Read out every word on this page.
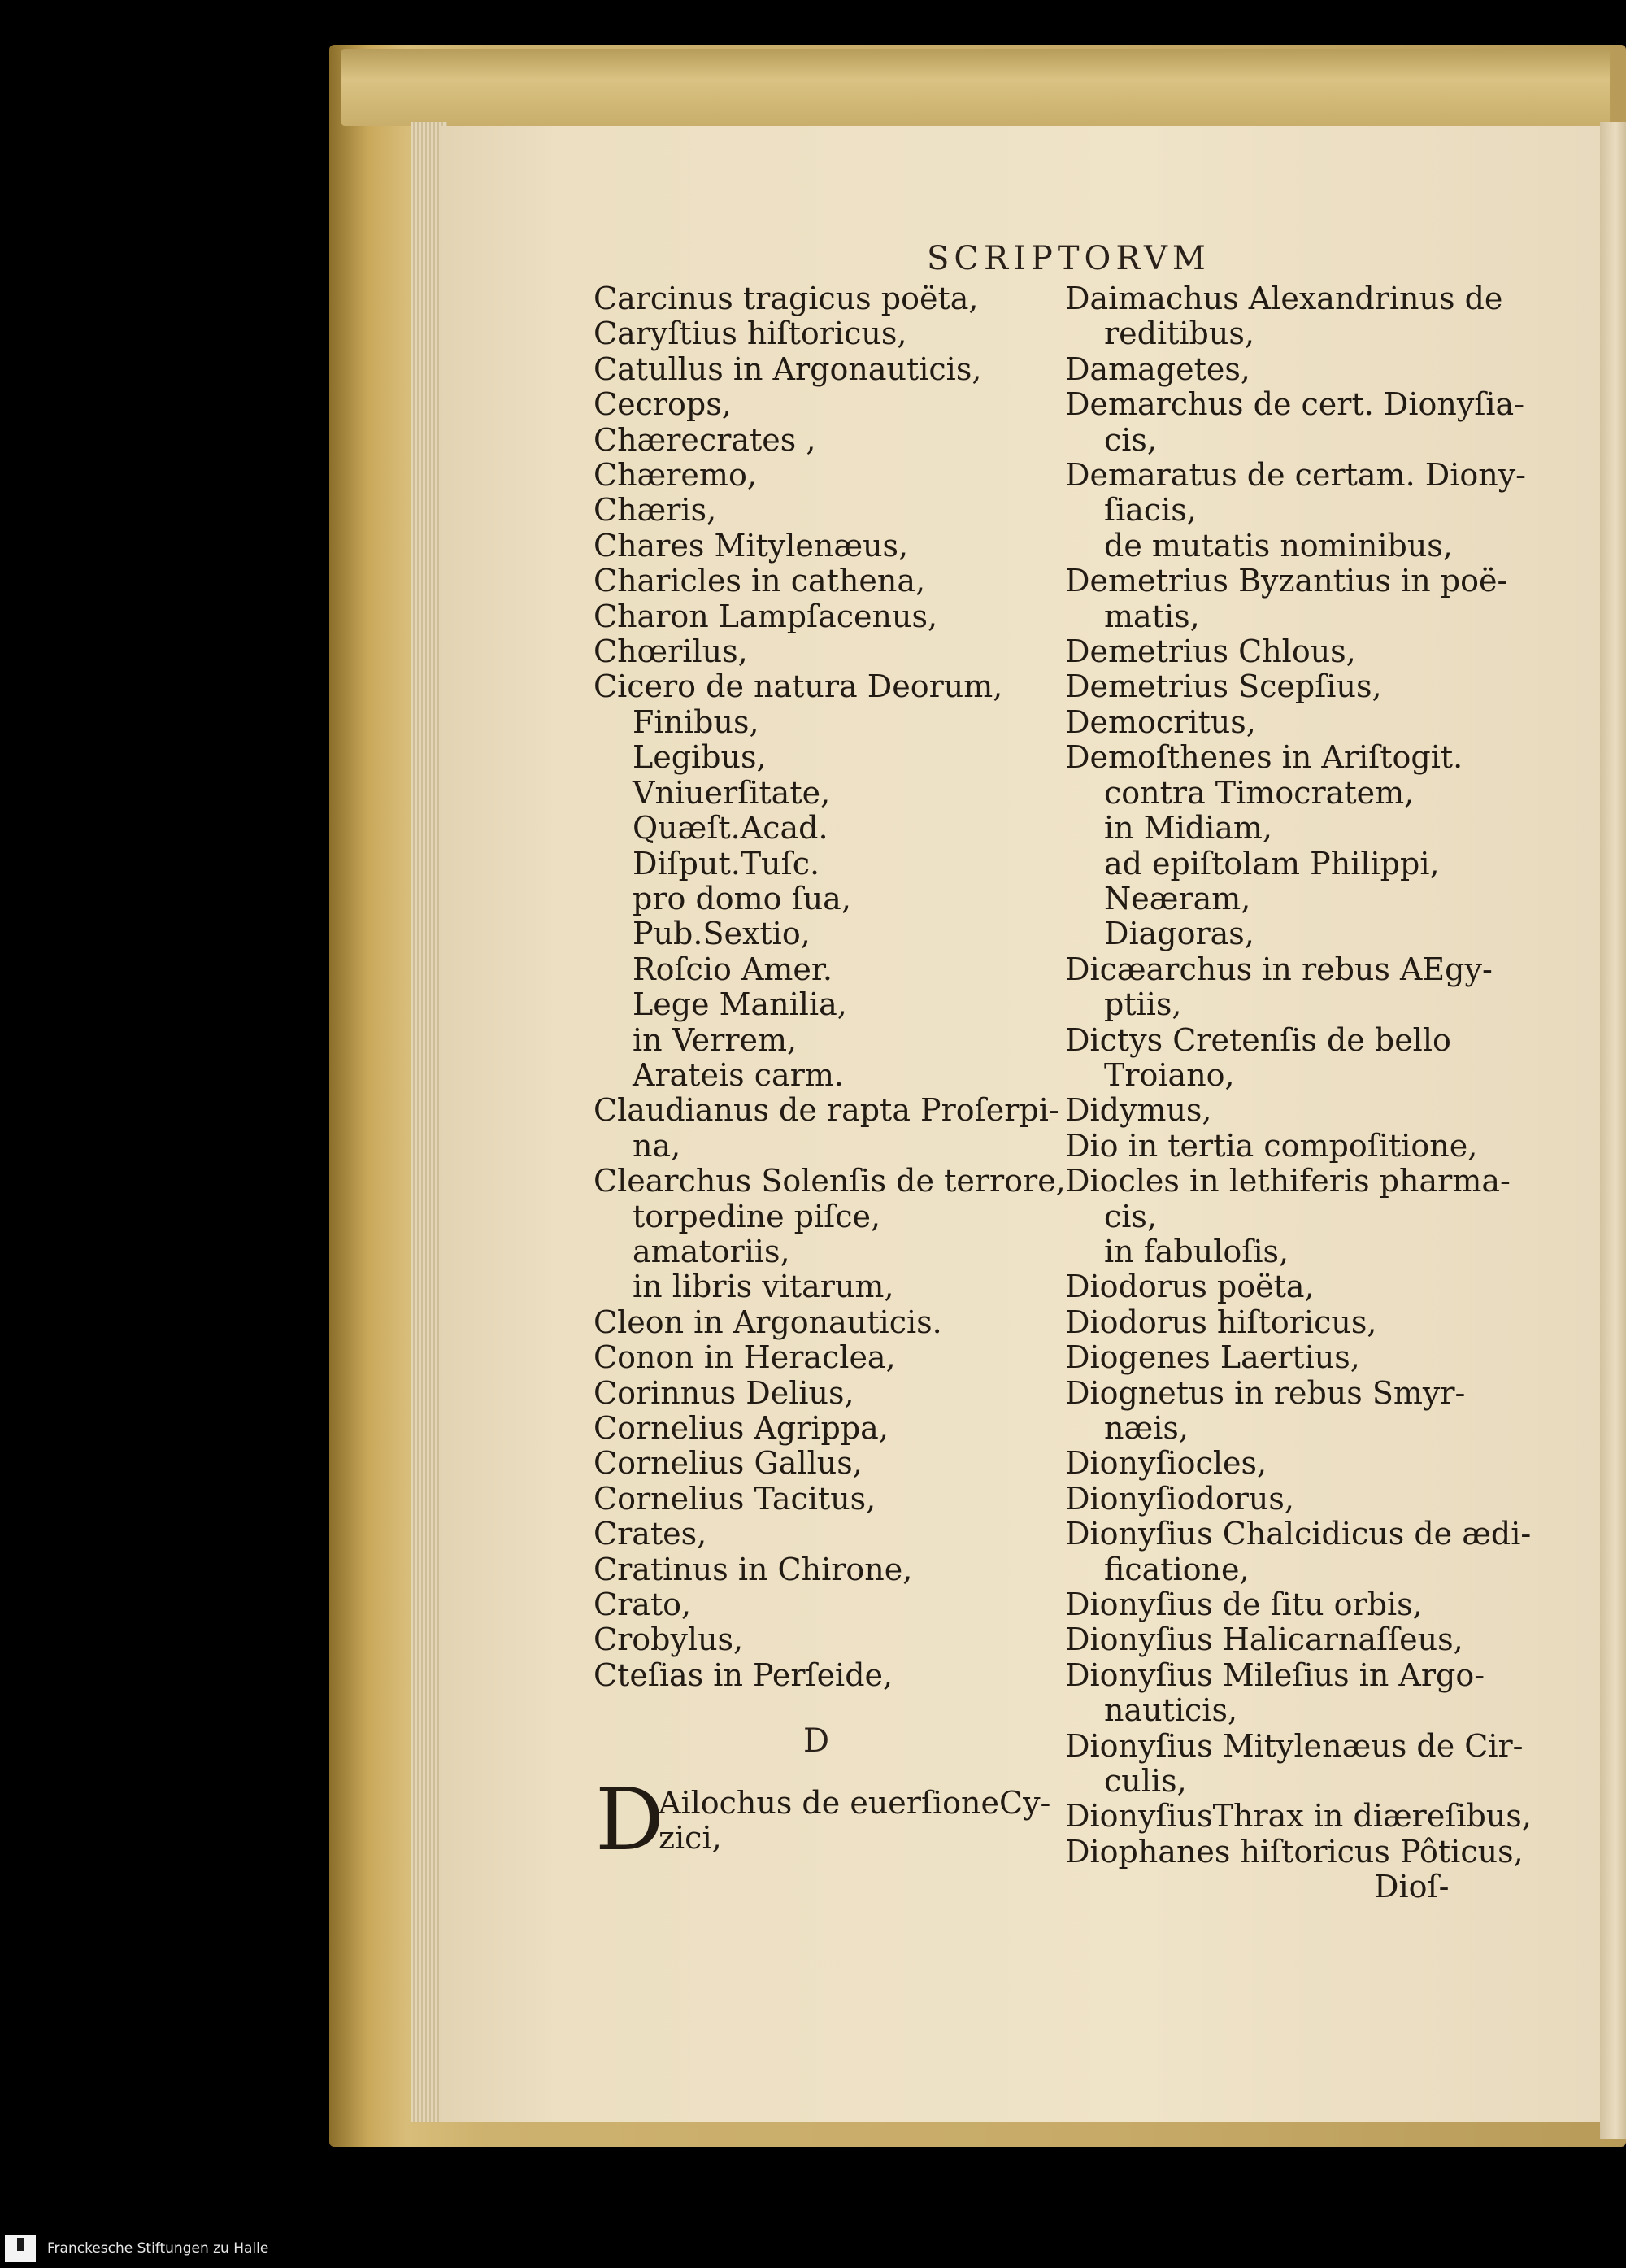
SCRIPTORVM
Carcinus tragicus poëta,
Caryſtius hiſtoricus,
Catullus in Argonauticis,
Cecrops,
Chærecrates ,
Chæremo,
Chæris,
Chares Mitylenæus,
Charicles in cathena,
Charon Lampſacenus,
Chœrilus,
Cicero de natura Deorum,
Finibus,
Legibus,
Vniuerſitate,
Quæſt.Acad.
Diſput.Tuſc.
pro domo ſua,
Pub.Sextio,
Roſcio Amer.
Lege Manilia,
in Verrem,
Arateis carm.
Claudianus de rapta Proſerpi-
na,
Clearchus Solenſis de terrore,
torpedine piſce,
amatoriis,
in libris vitarum,
Cleon in Argonauticis.
Conon in Heraclea,
Corinnus Delius,
Cornelius Agrippa,
Cornelius Gallus,
Cornelius Tacitus,
Crates,
Cratinus in Chirone,
Crato,
Crobylus,
Cteſias in Perſeide,
Daimachus Alexandrinus de
reditibus,
Damagetes,
Demarchus de cert. Dionyſia-
cis,
Demaratus de certam. Diony-
ſiacis,
de mutatis nominibus,
Demetrius Byzantius in poë-
matis,
Demetrius Chlous,
Demetrius Scepſius,
Democritus,
Demoſthenes in Ariſtogit.
contra Timocratem,
in Midiam,
ad epiſtolam Philippi,
Neæram,
Diagoras,
Dicæarchus in rebus AEgy-
ptiis,
Dictys Cretenſis de bello
Troiano,
Didymus,
Dio in tertia compoſitione,
Diocles in lethiferis pharma-
cis,
in fabuloſis,
Diodorus poëta,
Diodorus hiſtoricus,
Diogenes Laertius,
Diognetus in rebus Smyr-
næis,
Dionyſiocles,
Dionyſiodorus,
Dionyſius Chalcidicus de ædi-
ficatione,
Dionyſius de ſitu orbis,
Dionyſius Halicarnaſſeus,
Dionyſius Mileſius in Argo-
nauticis,
Dionyſius Mitylenæus de Cir-
culis,
DionyſiusThrax in diæreſibus,
Diophanes hiſtoricus Pôticus,
D
D
Ailochus de euerſioneCy-
zici,
Dioſ-
Franckesche Stiftungen zu Halle
